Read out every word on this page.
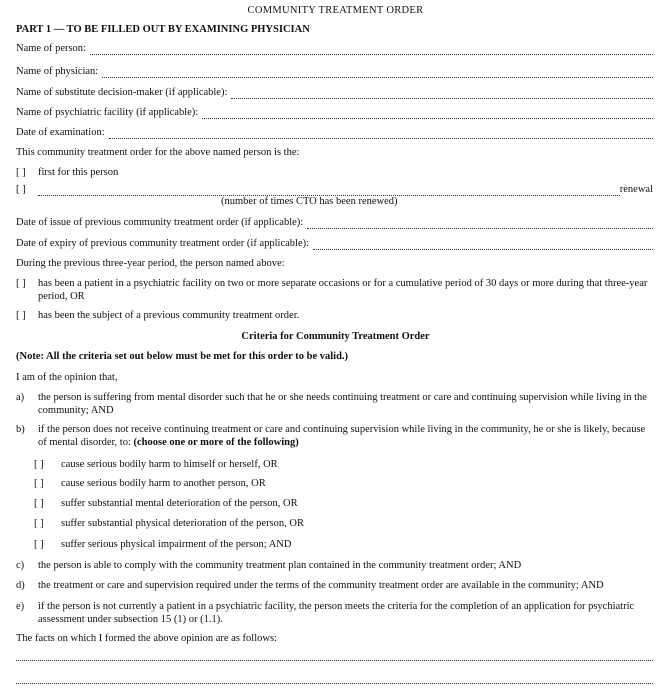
COMMUNITY TREATMENT ORDER
PART 1 — TO BE FILLED OUT BY EXAMINING PHYSICIAN
Name of person:
Name of physician:
Name of substitute decision-maker (if applicable):
Name of psychiatric facility (if applicable):
Date of examination:
This community treatment order for the above named person is the:
[ ] first for this person
[ ]	renewal
(number of times CTO has been renewed)
Date of issue of previous community treatment order (if applicable):
Date of expiry of previous community treatment order (if applicable):
During the previous three-year period, the person named above:
[ ] has been a patient in a psychiatric facility on two or more separate occasions or for a cumulative period of 30 days or more during that three-year period, OR
[ ] has been the subject of a previous community treatment order.
Criteria for Community Treatment Order
(Note: All the criteria set out below must be met for this order to be valid.)
I am of the opinion that,
a) the person is suffering from mental disorder such that he or she needs continuing treatment or care and continuing supervision while living in the community; AND
b) if the person does not receive continuing treatment or care and continuing supervision while living in the community, he or she is likely, because of mental disorder, to: (choose one or more of the following)
[ ] cause serious bodily harm to himself or herself, OR
[ ] cause serious bodily harm to another person, OR
[ ] suffer substantial mental deterioration of the person, OR
[ ] suffer substantial physical deterioration of the person, OR
[ ] suffer serious physical impairment of the person; AND
c) the person is able to comply with the community treatment plan contained in the community treatment order; AND
d) the treatment or care and supervision required under the terms of the community treatment order are available in the community; AND
e) if the person is not currently a patient in a psychiatric facility, the person meets the criteria for the completion of an application for psychiatric assessment under subsection 15 (1) or (1.1).
The facts on which I formed the above opinion are as follows:
